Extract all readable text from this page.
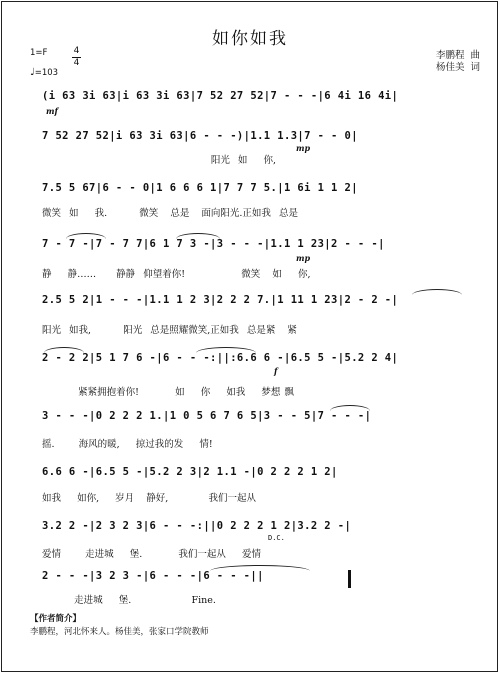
如你如我
李鹏程 曲
杨佳美 词
1=F	4
4
♩=103
(i 63 3i 63|i 63 3i 63|7 52 27 52|7 - - -|6 4i 16 4i|
mf
7 52 27 52|i 63 3i 63|6 - - -)|1.1 1.3|7 - - 0|
mp
阳光  如    你,
7.5 5 67|6 - - 0|1 6 6 6 1|7 7 7 5.|1 6i 1 1 2|
微笑  如    我.        微笑   总是   面向阳光.正如我  总是
7 - 7 -|7 - 7 7|6 1 7 3 -|3 - - -|1.1 1 23|2 - - -|
mp
静    静……     静静  仰望着你!              微笑   如    你,
2.5 5 2|1 - - -|1.1 1 2 3|2 2 2 7.|1 11 1 23|2 - 2 -|
阳光  如我,        阳光  总是照耀微笑,正如我  总是紧   紧
2 - 2 2|5 1 7 6 -|6 - - -:||:6.6 6 -|6.5 5 -|5.2 2 4|
f
紧紧拥抱着你!         如    你    如我    梦想 飘
3 - - -|0 2 2 2 1.|1 0 5 6 7 6 5|3 - - 5|7 - - -|
摇.      海风的暖,    掠过我的发    情!
6.6 6 -|6.5 5 -|5.2 2 3|2 1.1 -|0 2 2 2 1 2|
如我    如你,    岁月   静好,          我们一起从
3.2 2 -|2 3 2 3|6 - - -:||0 2 2 2 1 2|3.2 2 -|
D.C.
爱情      走进城    堡.         我们一起从    爱情
2 - - -|3 2 3 -|6 - - -|6 - - -||
走进城    堡.               Fine.
【作者简介】
李鹏程，河北怀来人。杨佳美，张家口学院教师
